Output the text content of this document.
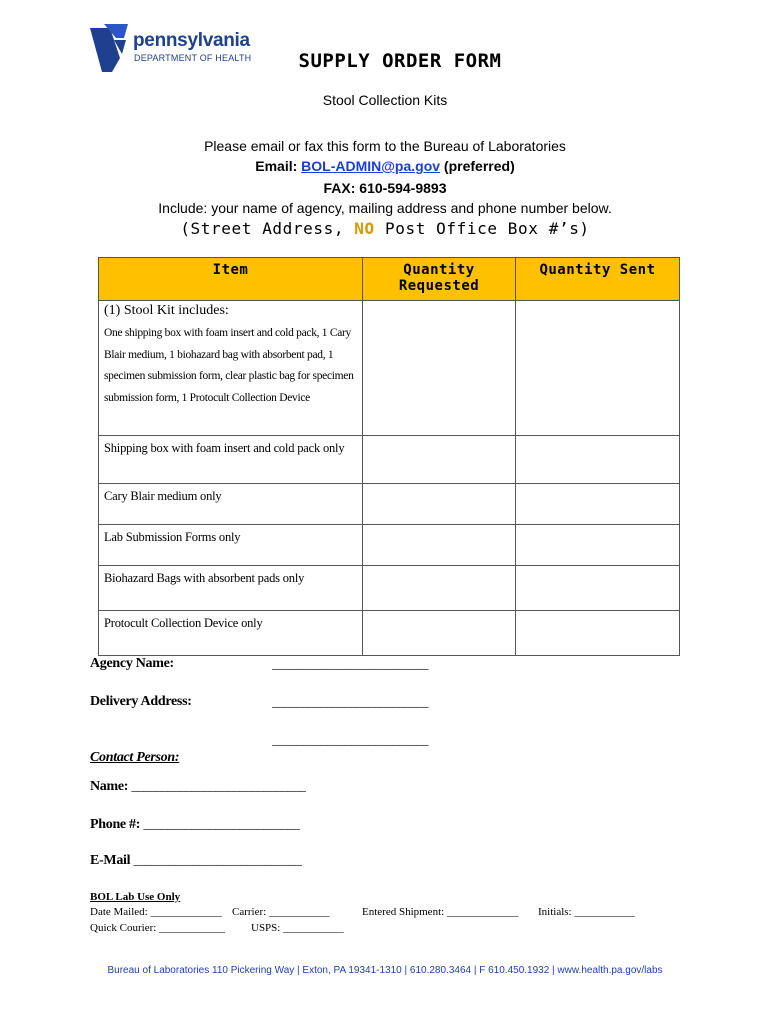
pennsylvania
DEPARTMENT OF HEALTH	SUPPLY ORDER FORM
Stool Collection Kits
Please email or fax this form to the Bureau of Laboratories
Email: BOL-ADMIN@pa.gov (preferred)
FAX: 610-594-9893
Include: your name of agency, mailing address and phone number below.
(Street Address, NO Post Office Box #’s)
Item	Quantity Requested	Quantity Sent

(1) Stool Kit includes:
One shipping box with foam insert and cold pack, 1 Cary Blair medium, 1 biohazard bag with absorbent pad, 1 specimen submission form, clear plastic bag for specimen submission form, 1 Protocult Collection Device		

Shipping box with foam insert and cold pack only		

Cary Blair medium only		

Lab Submission Forms only		

Biohazard Bags with absorbent pads only		

Protocult Collection Device only		

Agency Name:	__________________________
Delivery Address:	__________________________
__________________________
Contact Person:
Name: _____________________________
Phone #: __________________________
E-Mail ____________________________
BOL Lab Use Only
Date Mailed: _____________ Carrier: ___________	Entered Shipment: _____________ Initials: ___________
Quick Courier: ____________ USPS: ___________
Bureau of Laboratories 110 Pickering Way | Exton, PA 19341-1310 | 610.280.3464 | F 610.450.1932 | www.health.pa.gov/labs
